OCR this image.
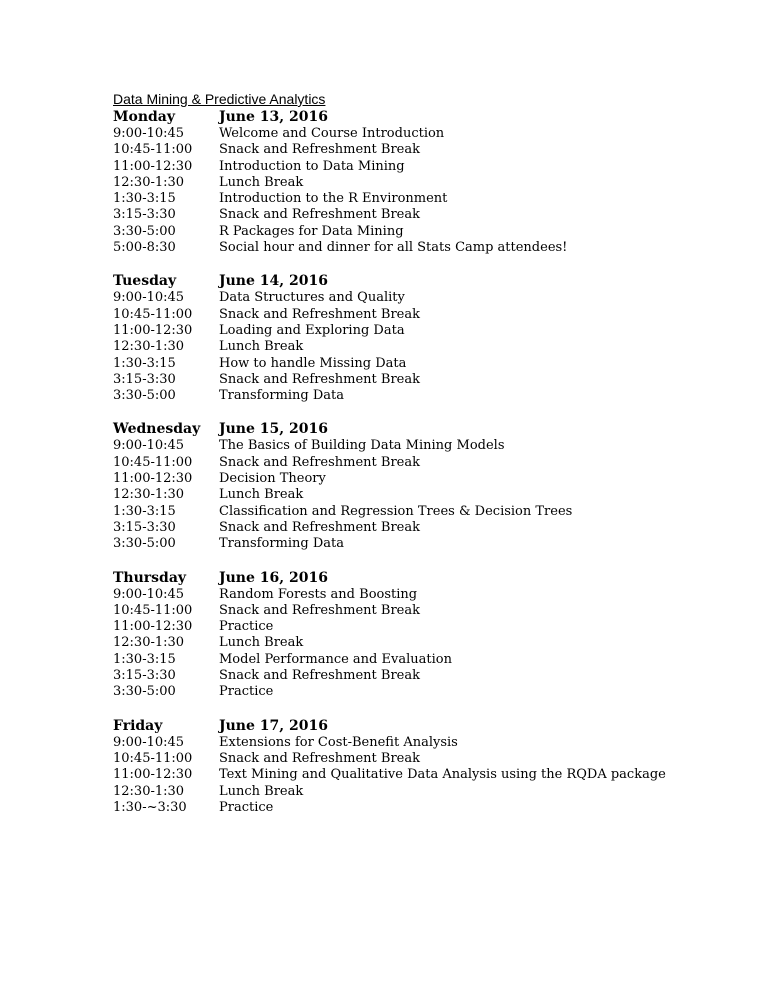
Data Mining & Predictive Analytics
Monday	June 13, 2016
9:00-10:45	Welcome and Course Introduction
10:45-11:00	Snack and Refreshment Break
11:00-12:30	Introduction to Data Mining
12:30-1:30	Lunch Break
1:30-3:15	Introduction to the R Environment
3:15-3:30	Snack and Refreshment Break
3:30-5:00	R Packages for Data Mining
5:00-8:30	Social hour and dinner for all Stats Camp attendees!
Tuesday	June 14, 2016
9:00-10:45	Data Structures and Quality
10:45-11:00	Snack and Refreshment Break
11:00-12:30	Loading and Exploring Data
12:30-1:30	Lunch Break
1:30-3:15	How to handle Missing Data
3:15-3:30	Snack and Refreshment Break
3:30-5:00	Transforming Data
Wednesday	June 15, 2016
9:00-10:45	The Basics of Building Data Mining Models
10:45-11:00	Snack and Refreshment Break
11:00-12:30	Decision Theory
12:30-1:30	Lunch Break
1:30-3:15	Classification and Regression Trees & Decision Trees
3:15-3:30	Snack and Refreshment Break
3:30-5:00	Transforming Data
Thursday	June 16, 2016
9:00-10:45	Random Forests and Boosting
10:45-11:00	Snack and Refreshment Break
11:00-12:30	Practice
12:30-1:30	Lunch Break
1:30-3:15	Model Performance and Evaluation
3:15-3:30	Snack and Refreshment Break
3:30-5:00	Practice
Friday	June 17, 2016
9:00-10:45	Extensions for Cost-Benefit Analysis
10:45-11:00	Snack and Refreshment Break
11:00-12:30	Text Mining and Qualitative Data Analysis using the RQDA package
12:30-1:30	Lunch Break
1:30-~3:30	Practice
